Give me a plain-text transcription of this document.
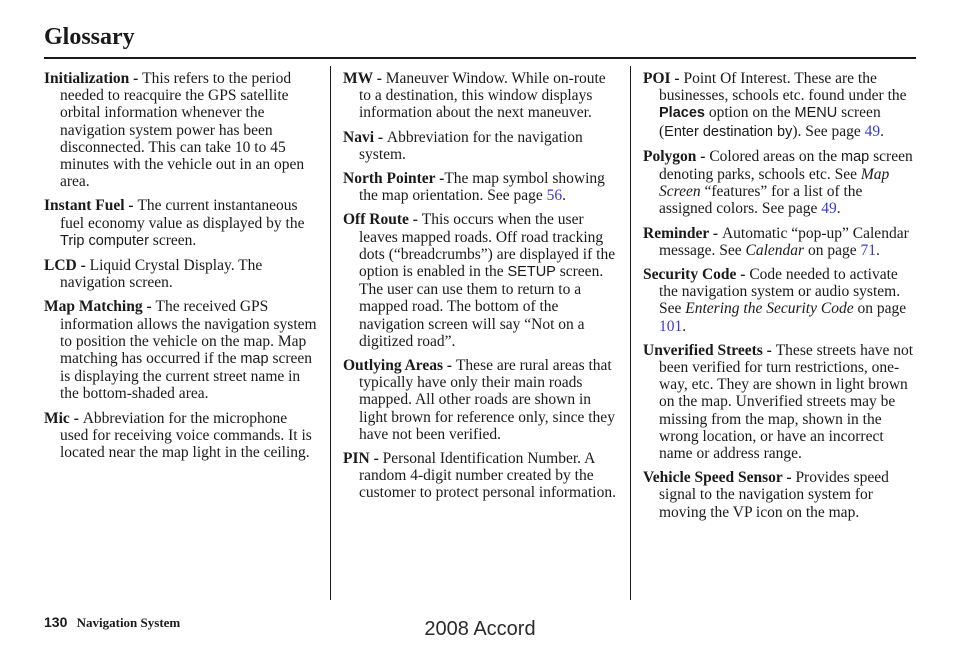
Glossary

Initialization - This refers to the period needed to reacquire the GPS satellite orbital information whenever the navigation system power has been disconnected. This can take 10 to 45 minutes with the vehicle out in an open area.

Instant Fuel - The current instantaneous fuel economy value as displayed by the Trip computer screen.

LCD - Liquid Crystal Display. The navigation screen.

Map Matching - The received GPS information allows the navigation system to position the vehicle on the map. Map matching has occurred if the map screen is displaying the current street name in the bottom-shaded area.

Mic - Abbreviation for the microphone used for receiving voice commands. It is located near the map light in the ceiling.

MW - Maneuver Window. While on-route to a destination, this window displays information about the next maneuver.

Navi - Abbreviation for the navigation system.

North Pointer -The map symbol showing the map orientation. See page 56.

Off Route - This occurs when the user leaves mapped roads. Off road tracking dots (“breadcrumbs”) are displayed if the option is enabled in the SETUP screen. The user can use them to return to a mapped road. The bottom of the navigation screen will say “Not on a digitized road”.

Outlying Areas - These are rural areas that typically have only their main roads mapped. All other roads are shown in light brown for reference only, since they have not been verified.

PIN - Personal Identification Number. A random 4-digit number created by the customer to protect personal information.

POI - Point Of Interest. These are the businesses, schools etc. found under the Places option on the MENU screen (Enter destination by). See page 49.

Polygon - Colored areas on the map screen denoting parks, schools etc. See Map Screen “features” for a list of the assigned colors. See page 49.

Reminder - Automatic “pop-up” Calendar message. See Calendar on page 71.

Security Code - Code needed to activate the navigation system or audio system. See Entering the Security Code on page 101.

Unverified Streets - These streets have not been verified for turn restrictions, one-way, etc. They are shown in light brown on the map. Unverified streets may be missing from the map, shown in the wrong location, or have an incorrect name or address range.

Vehicle Speed Sensor - Provides speed signal to the navigation system for moving the VP icon on the map.

130 Navigation System	2008 Accord
